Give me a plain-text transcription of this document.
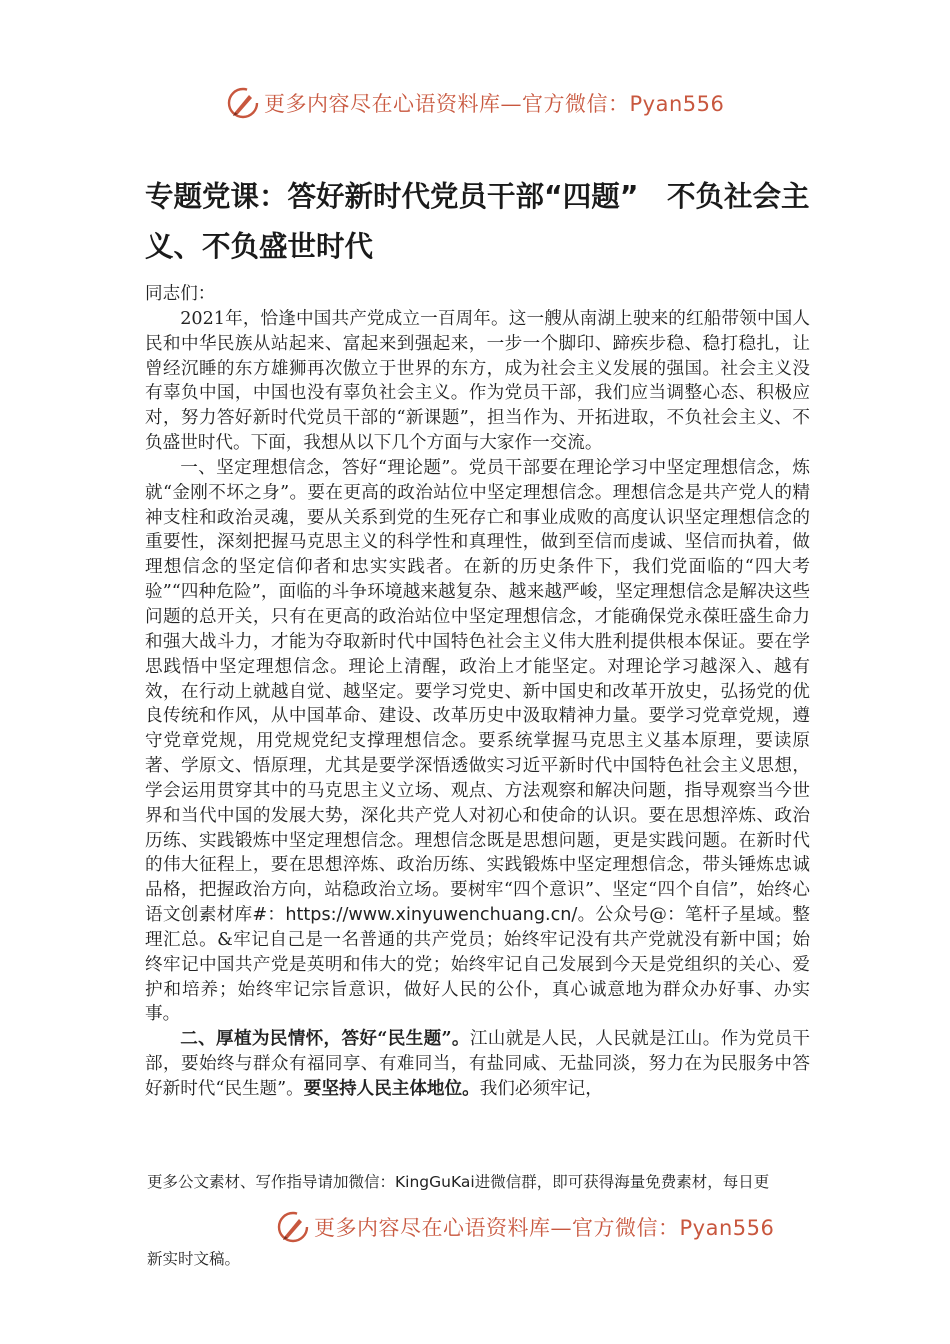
更多内容尽在心语资料库—官方微信：Pyan556
专题党课：答好新时代党员干部“四题”　不负社会主义、不负盛世时代

同志们：

2021年，恰逢中国共产党成立一百周年。这一艘从南湖上驶来的红船带领中国人民和中华民族从站起来、富起来到强起来，一步一个脚印、蹄疾步稳、稳打稳扎，让曾经沉睡的东方雄狮再次傲立于世界的东方，成为社会主义发展的强国。社会主义没有辜负中国，中国也没有辜负社会主义。作为党员干部，我们应当调整心态、积极应对，努力答好新时代党员干部的“新课题”，担当作为、开拓进取，不负社会主义、不负盛世时代。下面，我想从以下几个方面与大家作一交流。

一、坚定理想信念，答好“理论题”。党员干部要在理论学习中坚定理想信念，炼就“金刚不坏之身”。要在更高的政治站位中坚定理想信念。理想信念是共产党人的精神支柱和政治灵魂，要从关系到党的生死存亡和事业成败的高度认识坚定理想信念的重要性，深刻把握马克思主义的科学性和真理性，做到至信而虔诚、坚信而执着，做理想信念的坚定信仰者和忠实实践者。在新的历史条件下，我们党面临的“四大考验”“四种危险”，面临的斗争环境越来越复杂、越来越严峻，坚定理想信念是解决这些问题的总开关，只有在更高的政治站位中坚定理想信念，才能确保党永葆旺盛生命力和强大战斗力，才能为夺取新时代中国特色社会主义伟大胜利提供根本保证。要在学思践悟中坚定理想信念。理论上清醒，政治上才能坚定。对理论学习越深入、越有效，在行动上就越自觉、越坚定。要学习党史、新中国史和改革开放史，弘扬党的优良传统和作风，从中国革命、建设、改革历史中汲取精神力量。要学习党章党规，遵守党章党规，用党规党纪支撑理想信念。要系统掌握马克思主义基本原理，要读原著、学原文、悟原理，尤其是要学深悟透做实习近平新时代中国特色社会主义思想，学会运用贯穿其中的马克思主义立场、观点、方法观察和解决问题，指导观察当今世界和当代中国的发展大势，深化共产党人对初心和使命的认识。要在思想淬炼、政治历练、实践锻炼中坚定理想信念。理想信念既是思想问题，更是实践问题。在新时代的伟大征程上，要在思想淬炼、政治历练、实践锻炼中坚定理想信念，带头锤炼忠诚品格，把握政治方向，站稳政治立场。要树牢“四个意识”、坚定“四个自信”，始终心语文创素材库#：https://www.xinyuwenchuang.cn/。公众号@：笔杆子星域。整理汇总。&牢记自己是一名普通的共产党员；始终牢记没有共产党就没有新中国；始终牢记中国共产党是英明和伟大的党；始终牢记自己发展到今天是党组织的关心、爱护和培养；始终牢记宗旨意识，做好人民的公仆，真心诚意地为群众办好事、办实事。

二、厚植为民情怀，答好“民生题”。江山就是人民，人民就是江山。作为党员干部，要始终与群众有福同享、有难同当，有盐同咸、无盐同淡，努力在为民服务中答好新时代“民生题”。要坚持人民主体地位。我们必须牢记，

更多公文素材、写作指导请加微信：KingGuKai进微信群，即可获得海量免费素材，每日更
更多内容尽在心语资料库—官方微信：Pyan556
新实时文稿。
